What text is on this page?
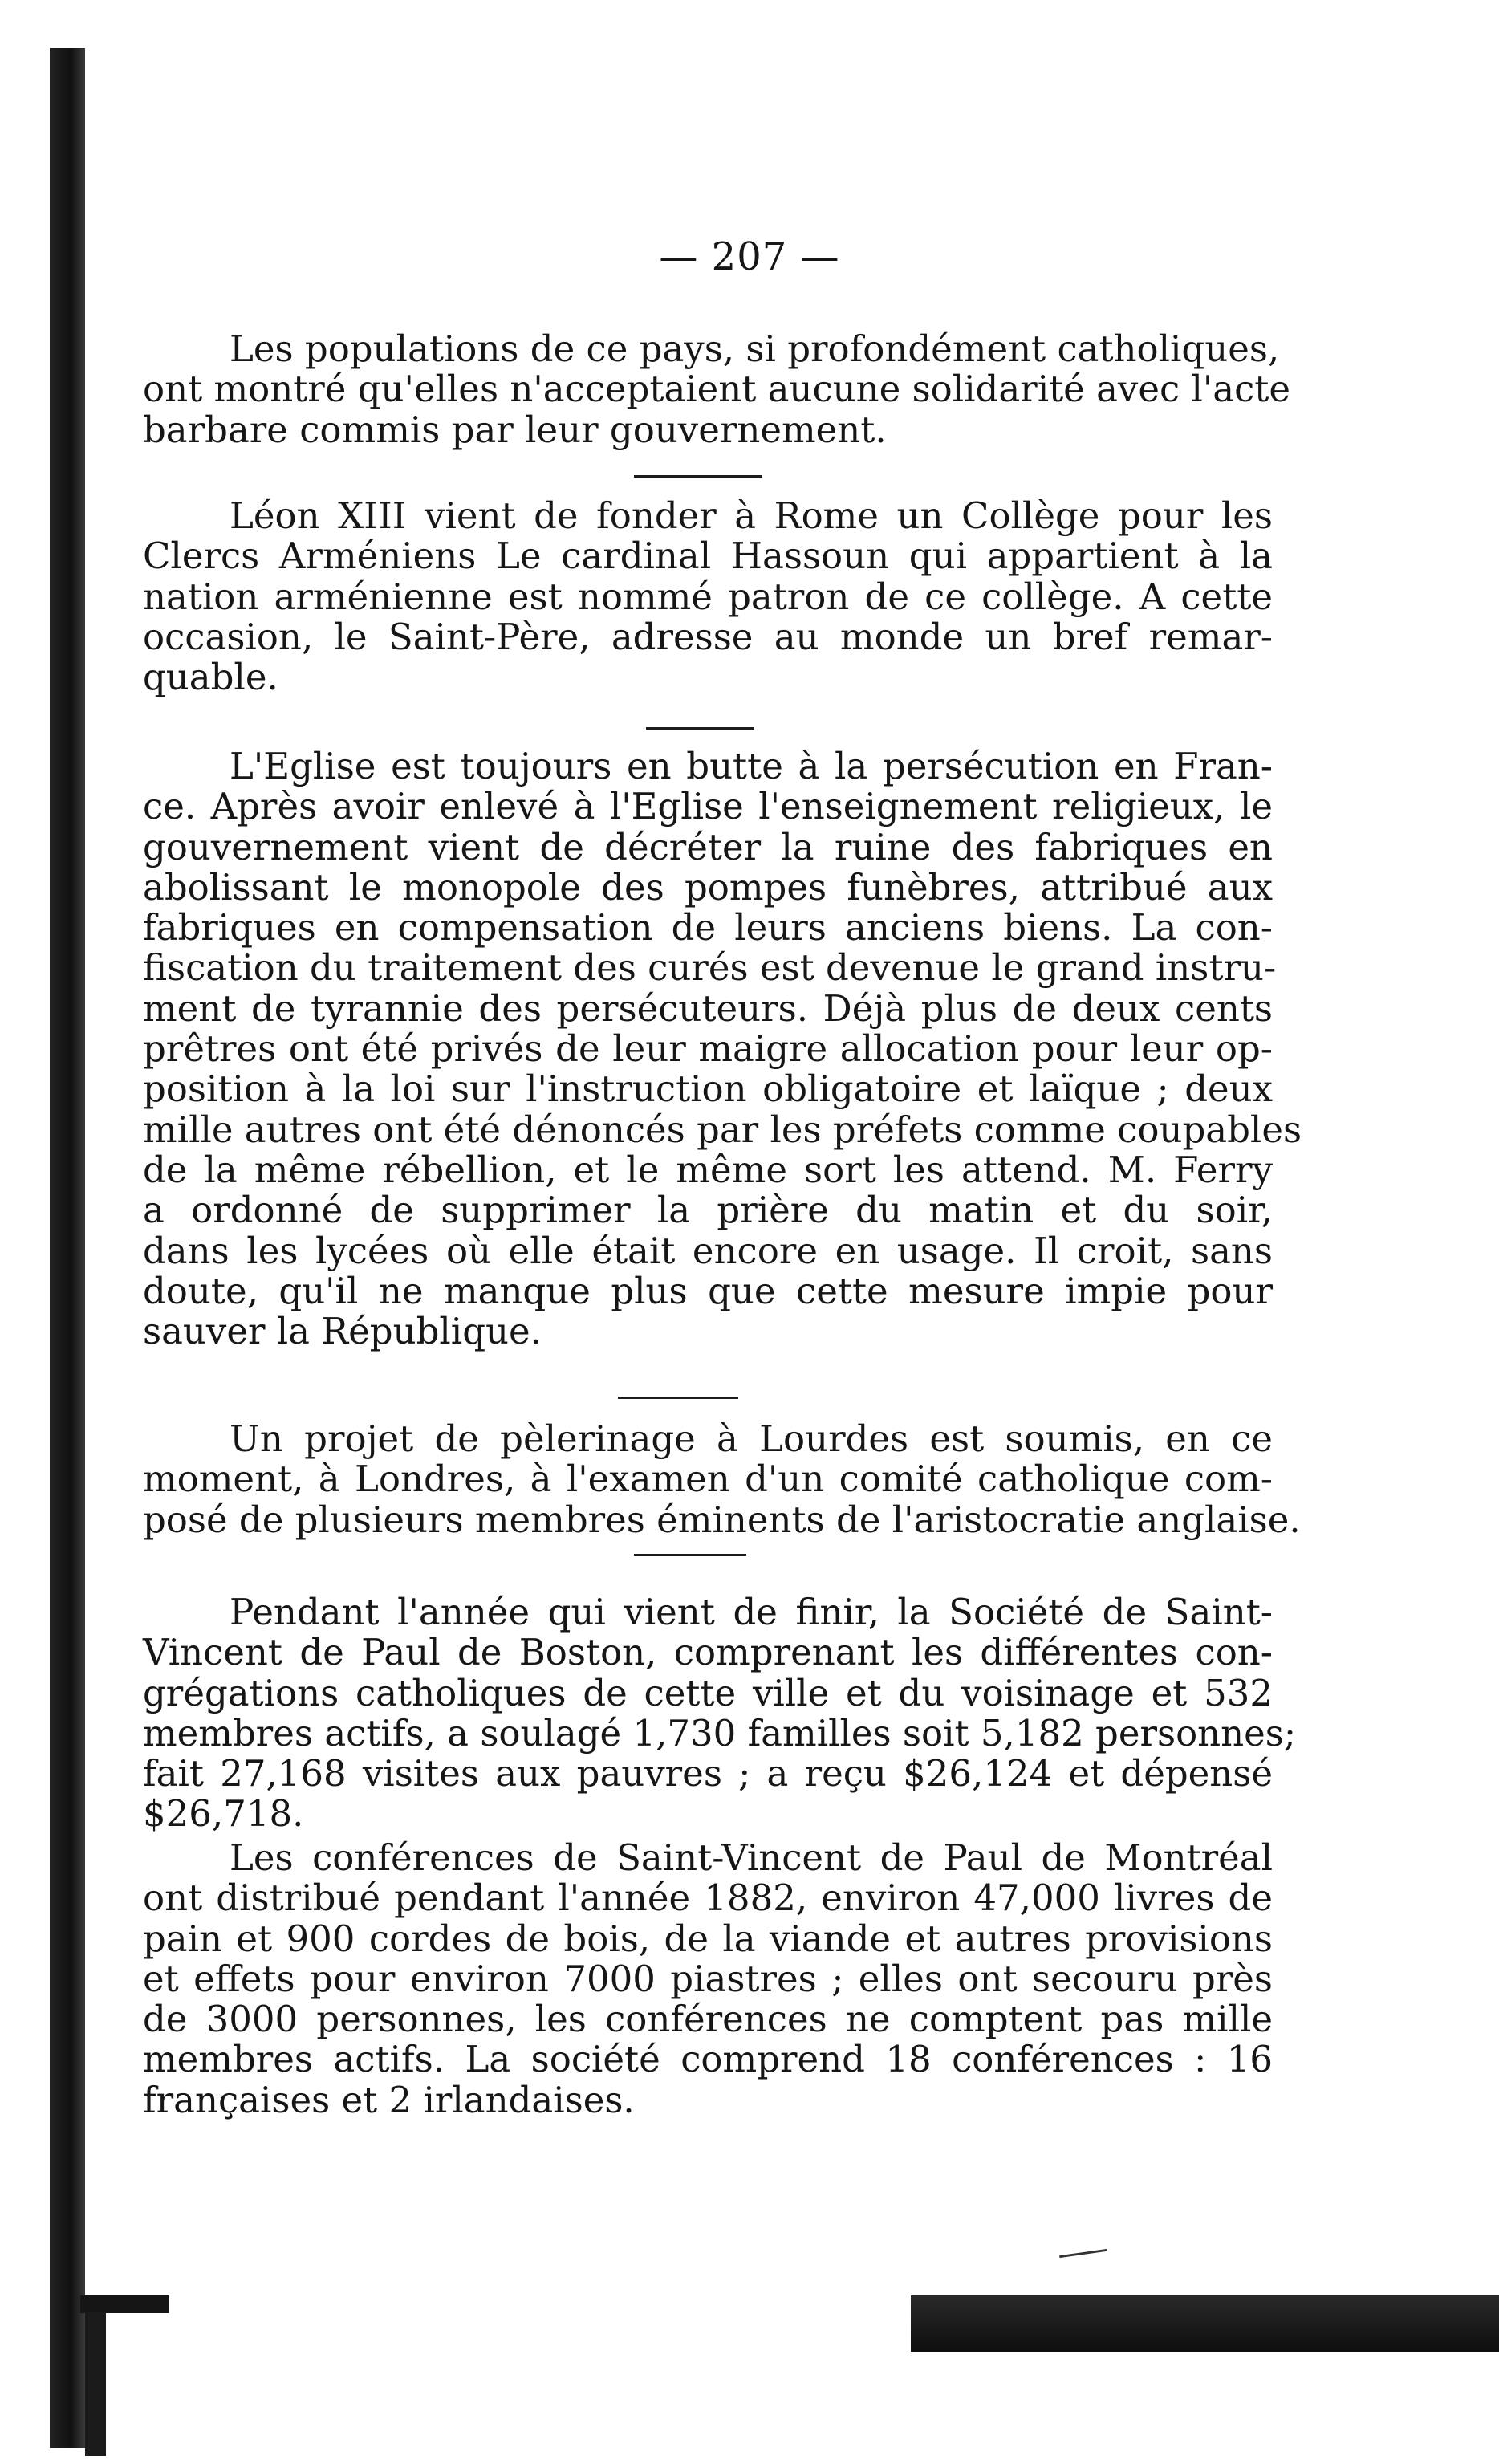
— 207 —
Les populations de ce pays, si profondément catholiques,
ont montré qu'elles n'acceptaient aucune solidarité avec l'acte
barbare commis par leur gouvernement.
Léon XIII vient de fonder à Rome un Collège pour les
Clercs Arméniens Le cardinal Hassoun qui appartient à la
nation arménienne est nommé patron de ce collège. A cette
occasion, le Saint-Père, adresse au monde un bref remar-
quable.
L'Eglise est toujours en butte à la persécution en Fran-
ce. Après avoir enlevé à l'Eglise l'enseignement religieux, le
gouvernement vient de décréter la ruine des fabriques en
abolissant le monopole des pompes funèbres, attribué aux
fabriques en compensation de leurs anciens biens. La con-
fiscation du traitement des curés est devenue le grand instru-
ment de tyrannie des persécuteurs. Déjà plus de deux cents
prêtres ont été privés de leur maigre allocation pour leur op-
position à la loi sur l'instruction obligatoire et laïque ; deux
mille autres ont été dénoncés par les préfets comme coupables
de la même rébellion, et le même sort les attend. M. Ferry
a ordonné de supprimer la prière du matin et du soir,
dans les lycées où elle était encore en usage. Il croit, sans
doute, qu'il ne manque plus que cette mesure impie pour
sauver la République.
Un projet de pèlerinage à Lourdes est soumis, en ce
moment, à Londres, à l'examen d'un comité catholique com-
posé de plusieurs membres éminents de l'aristocratie anglaise.
Pendant l'année qui vient de finir, la Société de Saint-
Vincent de Paul de Boston, comprenant les différentes con-
grégations catholiques de cette ville et du voisinage et 532
membres actifs, a soulagé 1,730 familles soit 5,182 personnes;
fait 27,168 visites aux pauvres ; a reçu $26,124 et dépensé
$26,718.
Les conférences de Saint-Vincent de Paul de Montréal
ont distribué pendant l'année 1882, environ 47,000 livres de
pain et 900 cordes de bois, de la viande et autres provisions
et effets pour environ 7000 piastres ; elles ont secouru près
de 3000 personnes, les conférences ne comptent pas mille
membres actifs. La société comprend 18 conférences : 16
françaises et 2 irlandaises.
